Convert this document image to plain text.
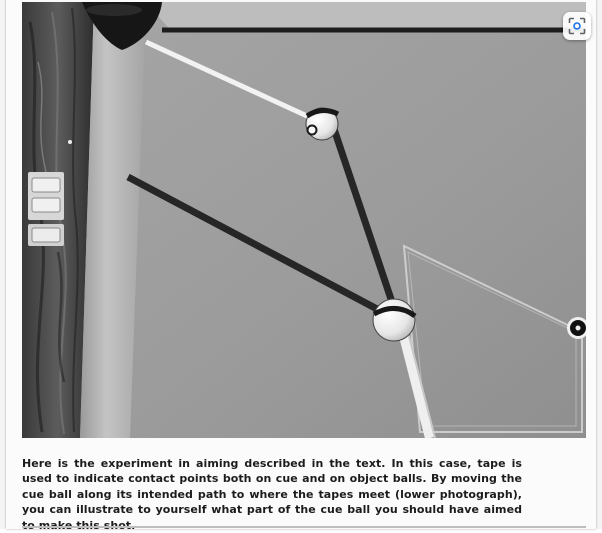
Here is the experiment in aiming described in the text. In this case, tape is used to indicate contact points both on cue and on object balls. By moving the cue ball along its intended path to where the tapes meet (lower photograph), you can illustrate to yourself what part of the cue ball you should have aimed
